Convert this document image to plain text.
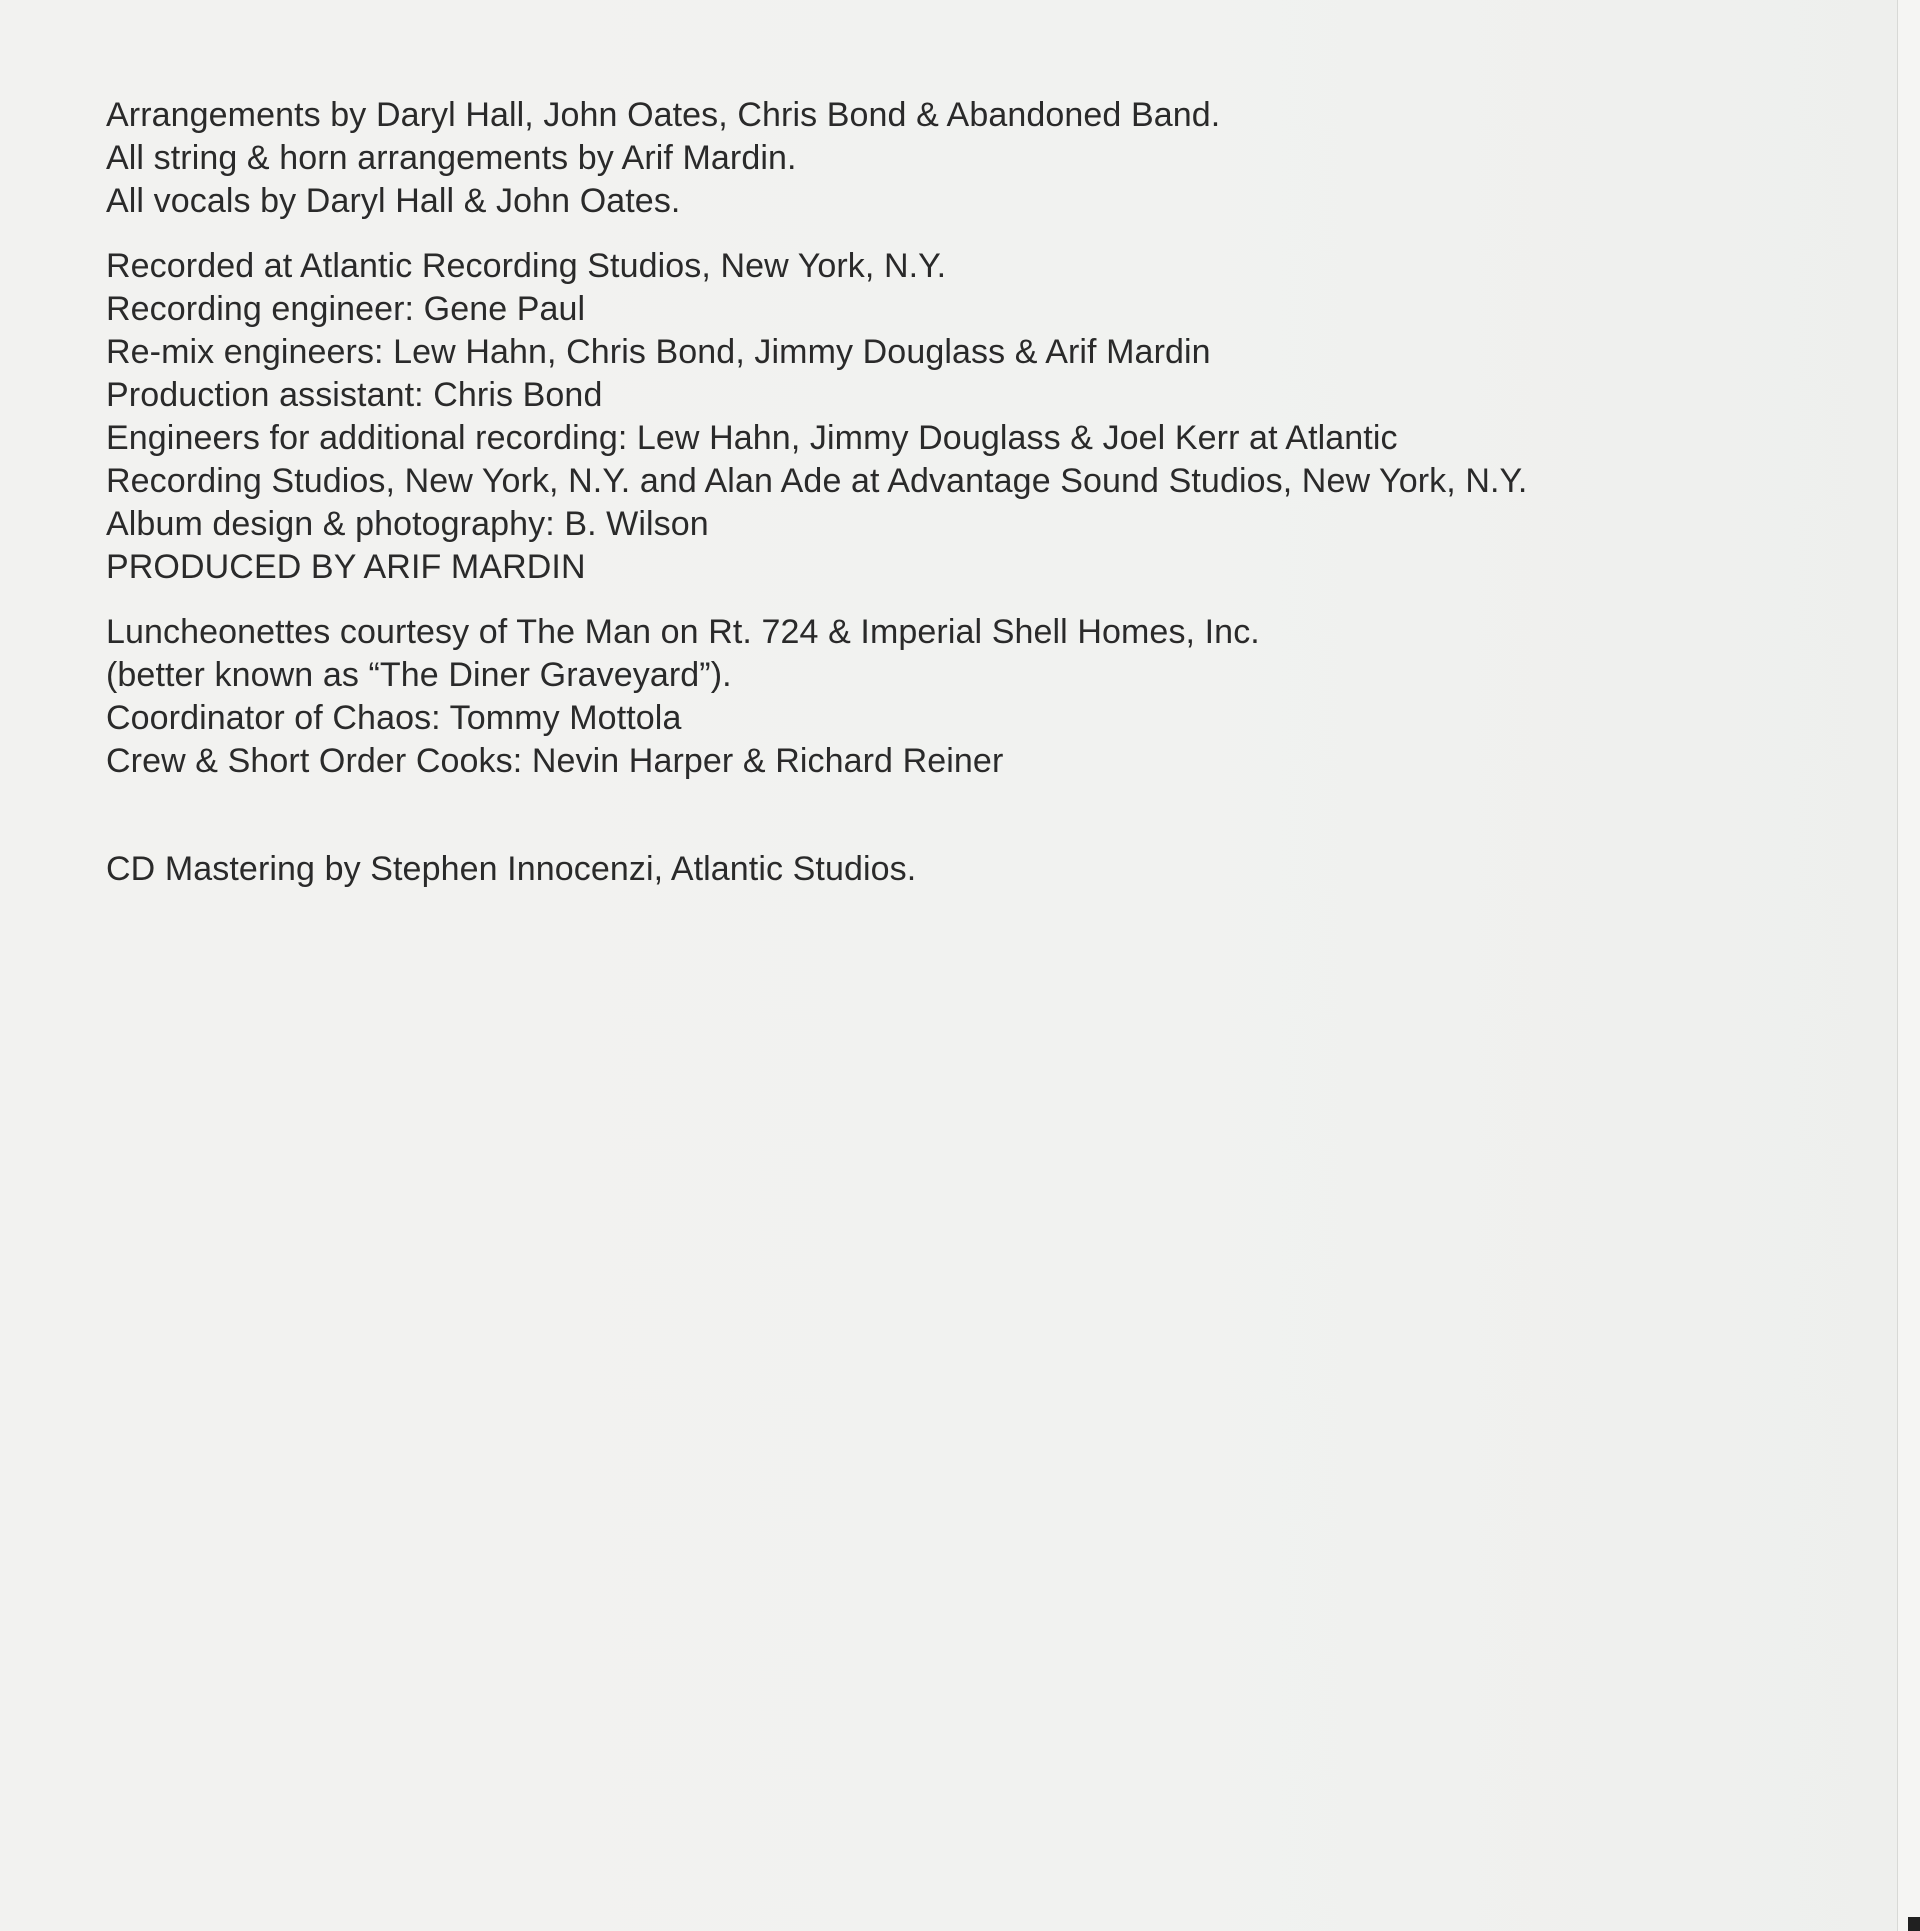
Arrangements by Daryl Hall, John Oates, Chris Bond & Abandoned Band.
All string & horn arrangements by Arif Mardin.
All vocals by Daryl Hall & John Oates.

Recorded at Atlantic Recording Studios, New York, N.Y.
Recording engineer: Gene Paul
Re-mix engineers: Lew Hahn, Chris Bond, Jimmy Douglass & Arif Mardin
Production assistant: Chris Bond
Engineers for additional recording: Lew Hahn, Jimmy Douglass & Joel Kerr at Atlantic
Recording Studios, New York, N.Y. and Alan Ade at Advantage Sound Studios, New York, N.Y.
Album design & photography: B. Wilson
PRODUCED BY ARIF MARDIN

Luncheonettes courtesy of The Man on Rt. 724 & Imperial Shell Homes, Inc.
(better known as “The Diner Graveyard”).
Coordinator of Chaos: Tommy Mottola
Crew & Short Order Cooks: Nevin Harper & Richard Reiner

CD Mastering by Stephen Innocenzi, Atlantic Studios.
